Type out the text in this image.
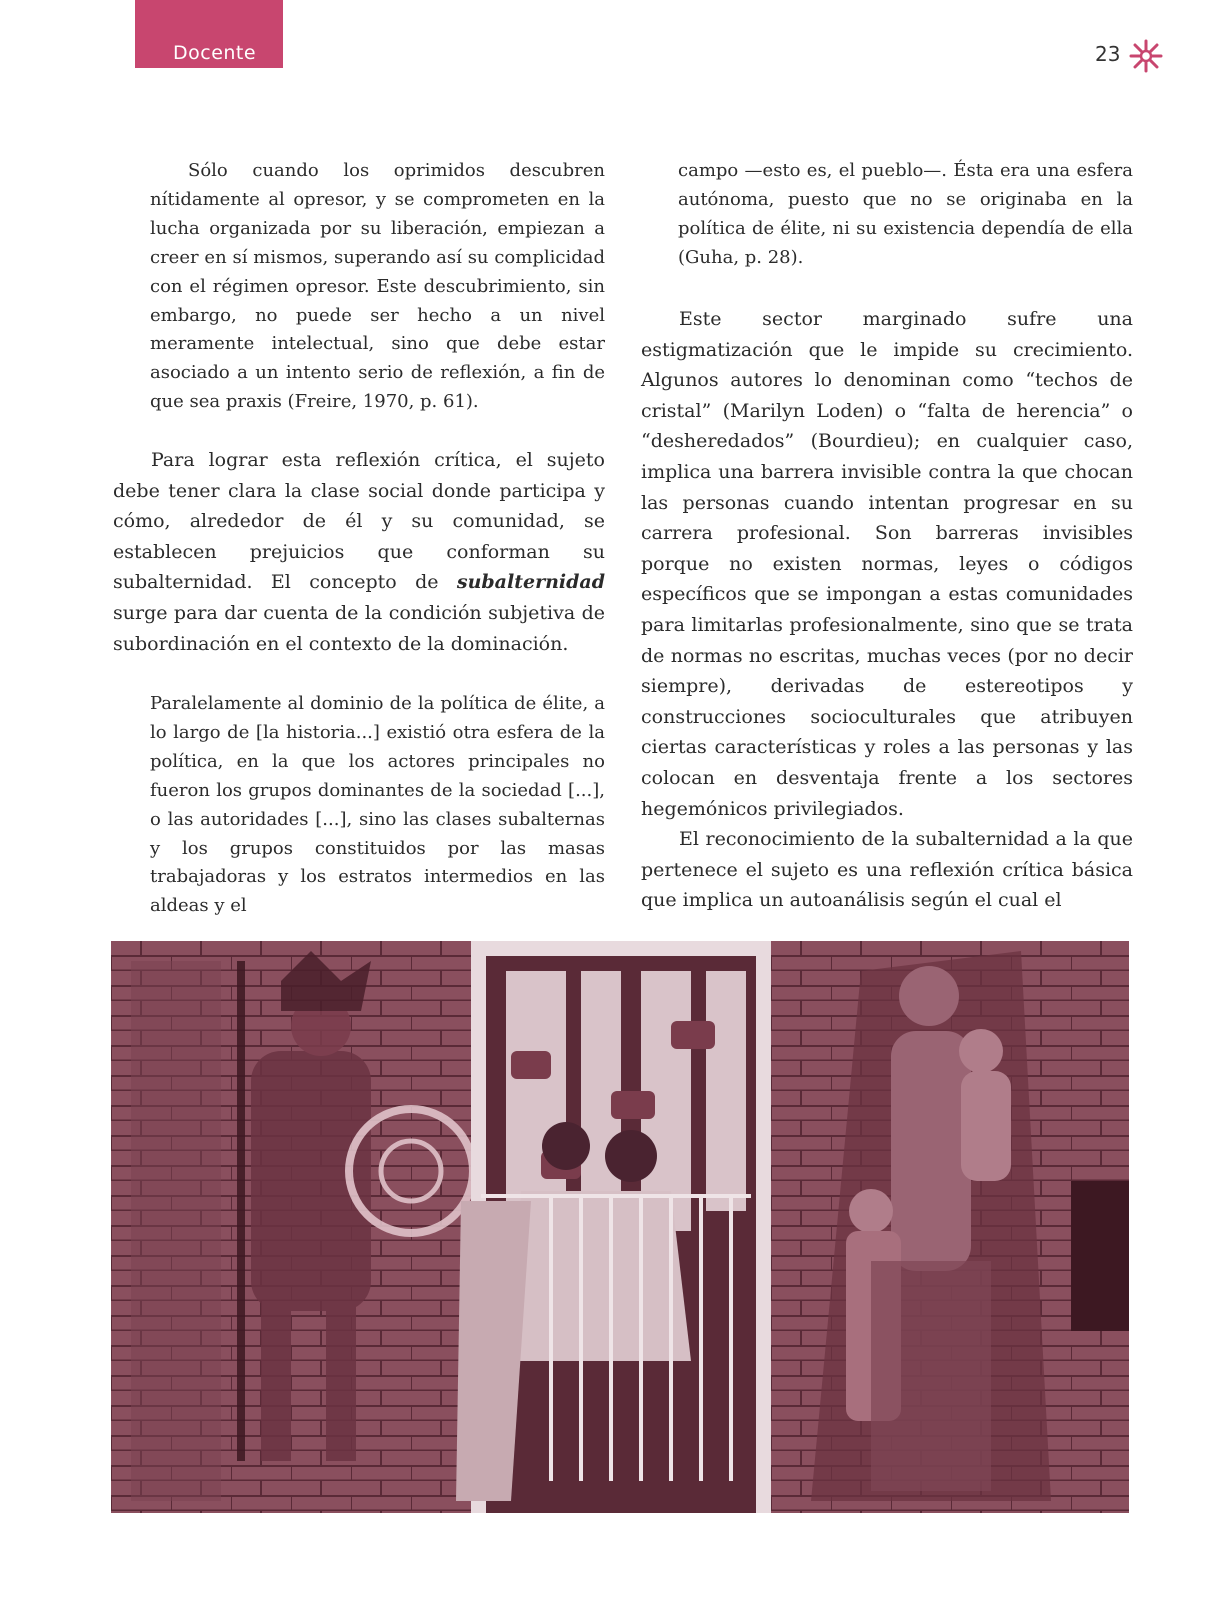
Docente	23

Sólo cuando los oprimidos descubren nítidamente al opresor, y se comprometen en la lucha organizada por su liberación, empiezan a creer en sí mismos, superando así su complicidad con el régimen opresor. Este descubrimiento, sin embargo, no puede ser hecho a un nivel meramente intelectual, sino que debe estar asociado a un intento serio de reflexión, a fin de que sea praxis (Freire, 1970, p. 61).

Para lograr esta reflexión crítica, el sujeto debe tener clara la clase social donde participa y cómo, alrededor de él y su comunidad, se establecen prejuicios que conforman su subalternidad. El concepto de subalternidad surge para dar cuenta de la condición subjetiva de subordinación en el contexto de la dominación.

Paralelamente al dominio de la política de élite, a lo largo de [la historia...] existió otra esfera de la política, en la que los actores principales no fueron los grupos dominantes de la sociedad [...], o las autoridades [...], sino las clases subalternas y los grupos constituidos por las masas trabajadoras y los estratos intermedios en las aldeas y el

campo —esto es, el pueblo—. Ésta era una esfera autónoma, puesto que no se originaba en la política de élite, ni su existencia dependía de ella (Guha, p. 28).

Este sector marginado sufre una estigmatización que le impide su crecimiento. Algunos autores lo denominan como “techos de cristal” (Marilyn Loden) o “falta de herencia” o “desheredados” (Bourdieu); en cualquier caso, implica una barrera invisible contra la que chocan las personas cuando intentan progresar en su carrera profesional. Son barreras invisibles porque no existen normas, leyes o códigos específicos que se impongan a estas comunidades para limitarlas profesionalmente, sino que se trata de normas no escritas, muchas veces (por no decir siempre), derivadas de estereotipos y construcciones socioculturales que atribuyen ciertas características y roles a las personas y las colocan en desventaja frente a los sectores hegemónicos privilegiados.

El reconocimiento de la subalternidad a la que pertenece el sujeto es una reflexión crítica básica que implica un autoanálisis según el cual el
